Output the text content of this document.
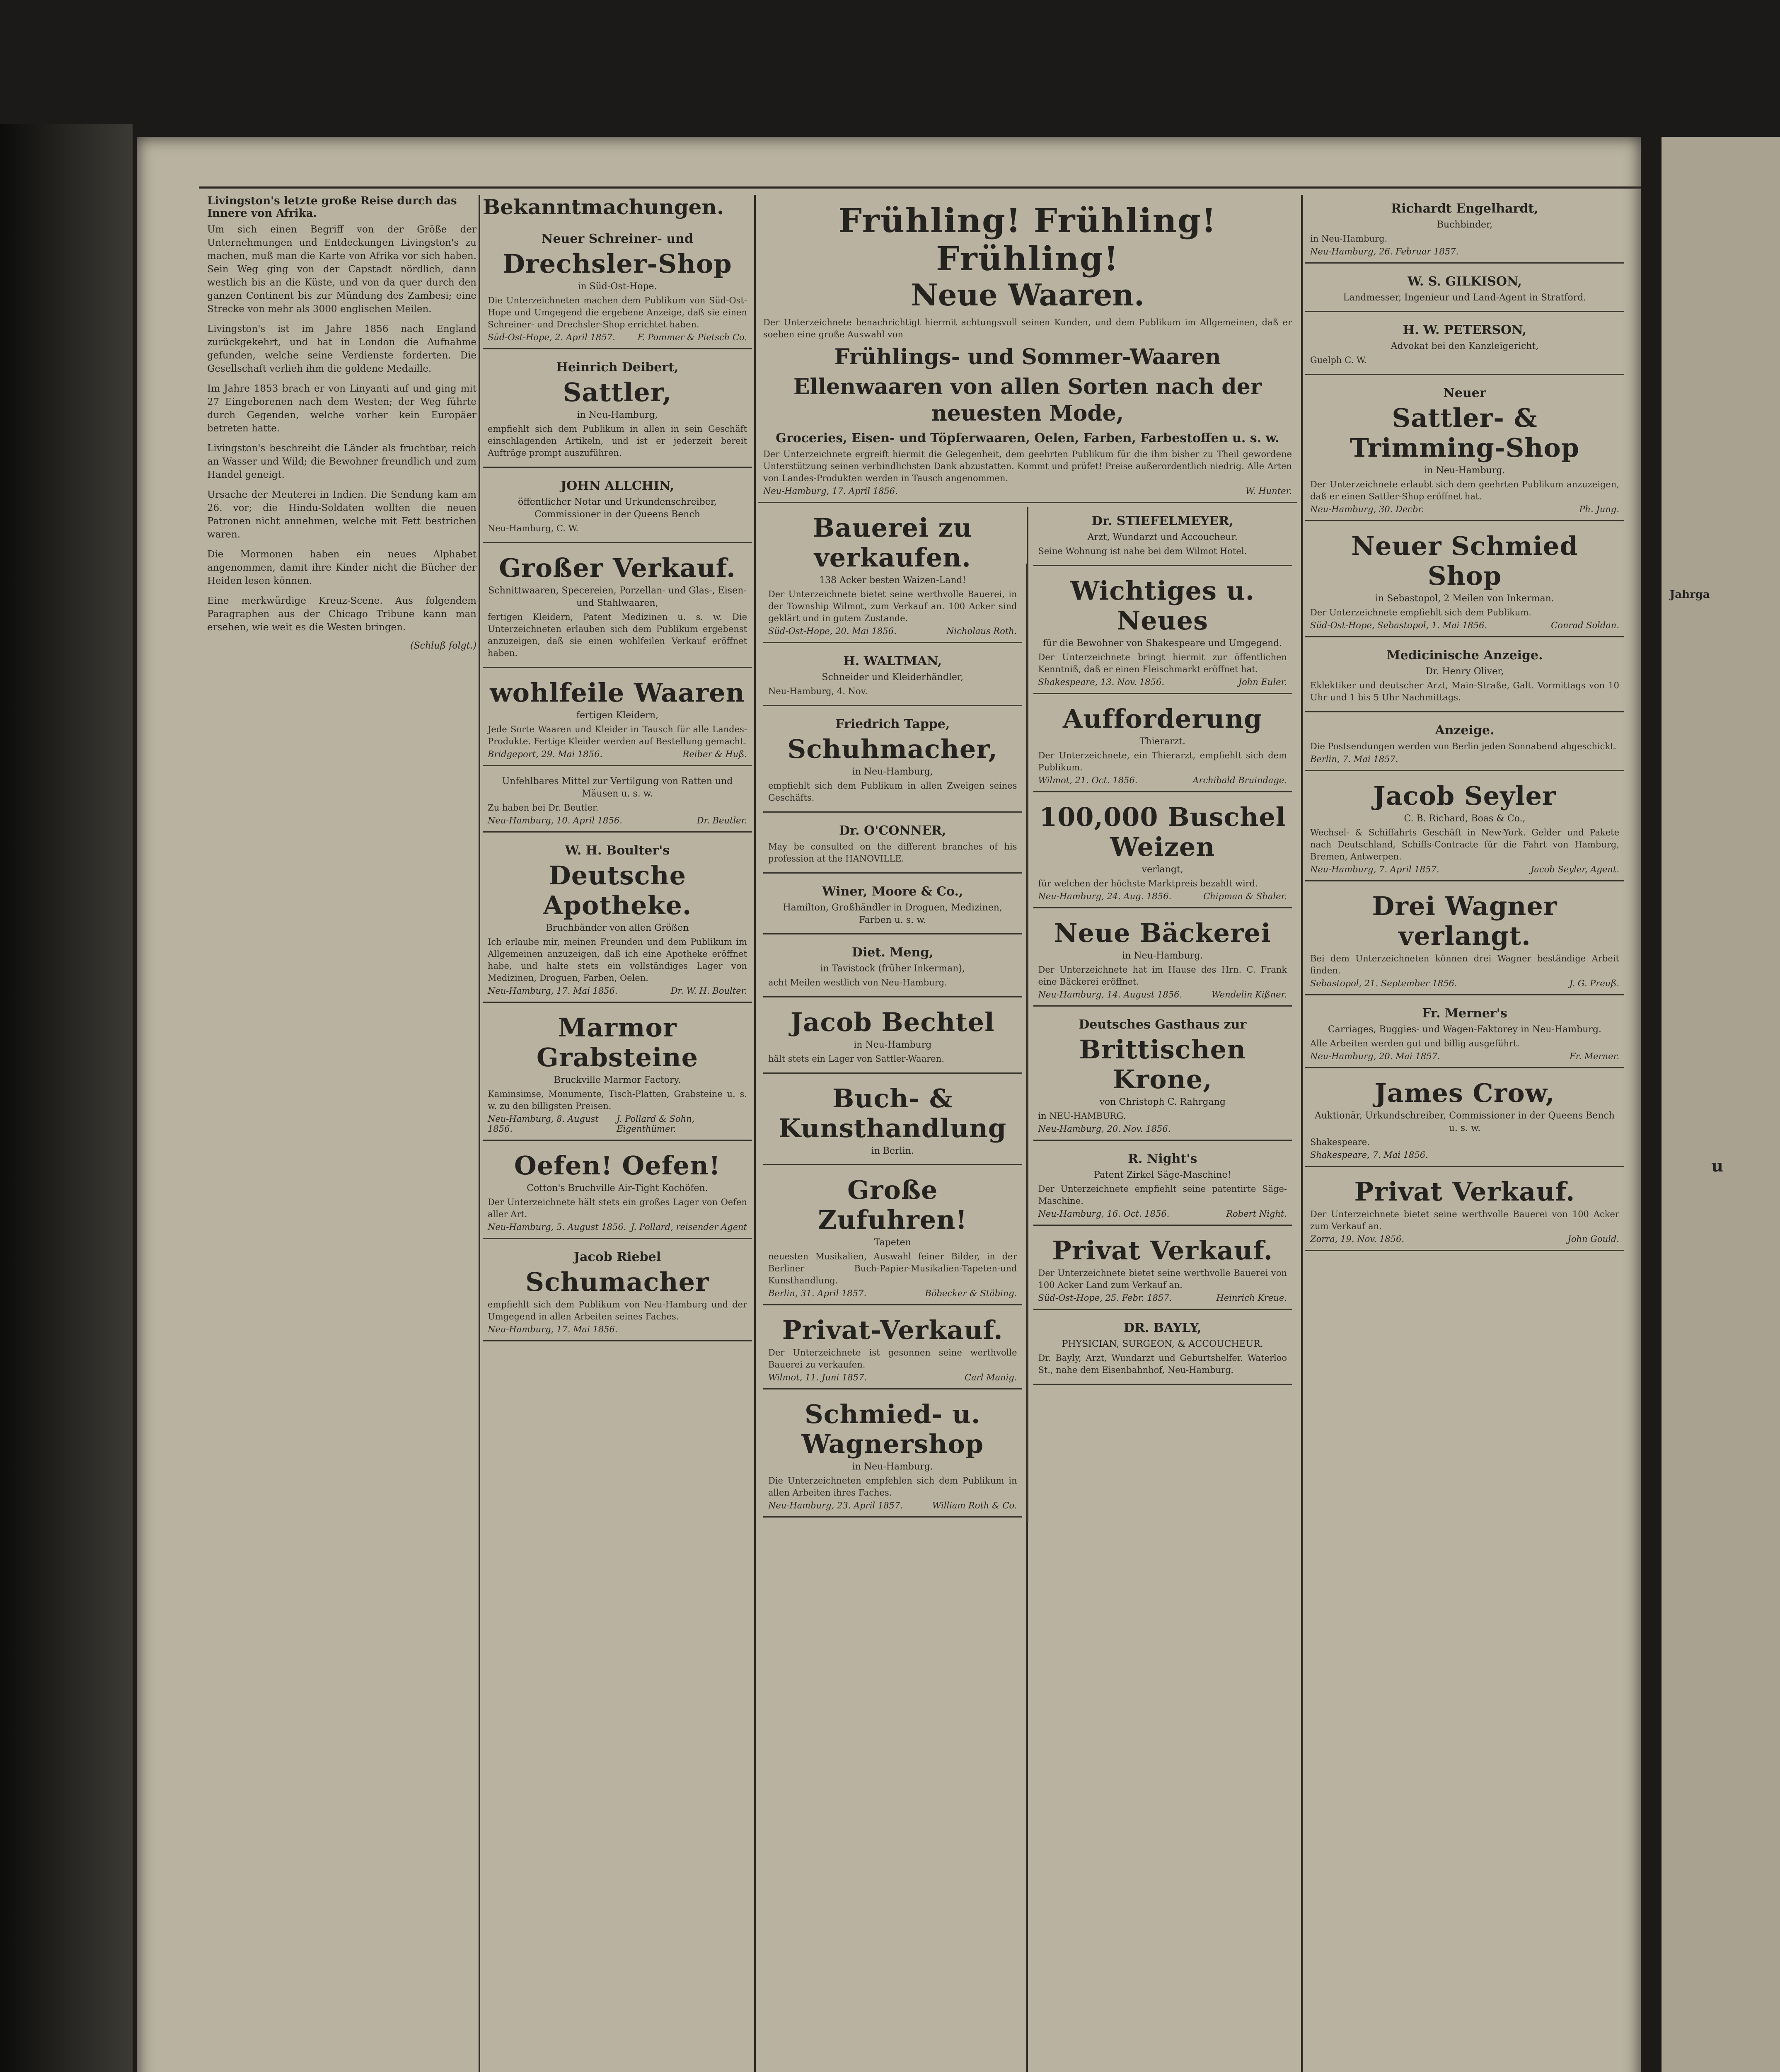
Jahrga
u
Livingston's letzte große Reise durch das Innere von Afrika.
Um sich einen Begriff von der Größe der Unternehmungen und Entdeckungen Livingston's zu machen, muß man die Karte von Afrika vor sich haben. Sein Weg ging von der Capstadt nördlich, dann westlich bis an die Küste, und von da quer durch den ganzen Continent bis zur Mündung des Zambesi; eine Strecke von mehr als 3000 englischen Meilen.
Livingston's ist im Jahre 1856 nach England zurückgekehrt, und hat in London die Aufnahme gefunden, welche seine Verdienste forderten. Die Gesellschaft verlieh ihm die goldene Medaille.
Im Jahre 1853 brach er von Linyanti auf und ging mit 27 Eingeborenen nach dem Westen; der Weg führte durch Gegenden, welche vorher kein Europäer betreten hatte.
Livingston's beschreibt die Länder als fruchtbar, reich an Wasser und Wild; die Bewohner freundlich und zum Handel geneigt.
Ursache der Meuterei in Indien. Die Sendung kam am 26. vor; die Hindu-Soldaten wollten die neuen Patronen nicht annehmen, welche mit Fett bestrichen waren.
Die Mormonen haben ein neues Alphabet angenommen, damit ihre Kinder nicht die Bücher der Heiden lesen können.
Eine merkwürdige Kreuz-Scene. Aus folgendem Paragraphen aus der Chicago Tribune kann man ersehen, wie weit es die Westen bringen.
(Schluß folgt.)
Bekanntmachungen.
Neuer Schreiner- und
Drechsler-Shop
in Süd-Ost-Hope.
Die Unterzeichneten machen dem Publikum von Süd-Ost-Hope und Umgegend die ergebene Anzeige, daß sie einen Schreiner- und Drechsler-Shop errichtet haben.
Süd-Ost-Hope, 2. April 1857.	F. Pommer & Pietsch Co.
Heinrich Deibert,
Sattler,
in Neu-Hamburg,
empfiehlt sich dem Publikum in allen in sein Geschäft einschlagenden Artikeln, und ist er jederzeit bereit Aufträge prompt auszuführen.
JOHN ALLCHIN,
öffentlicher Notar und Urkundenschreiber, Commissioner in der Queens Bench
Neu-Hamburg, C. W.
Großer Verkauf.
Schnittwaaren, Specereien, Porzellan- und Glas-, Eisen- und Stahlwaaren,
fertigen Kleidern, Patent Medizinen u. s. w. Die Unterzeichneten erlauben sich dem Publikum ergebenst anzuzeigen, daß sie einen wohlfeilen Verkauf eröffnet haben.
wohlfeile Waaren
fertigen Kleidern,
Jede Sorte Waaren und Kleider in Tausch für alle Landes-Produkte. Fertige Kleider werden auf Bestellung gemacht.
Bridgeport, 29. Mai 1856.	Reiber & Huß.
Unfehlbares Mittel zur Vertilgung von Ratten und Mäusen u. s. w.
Zu haben bei Dr. Beutler.
Neu-Hamburg, 10. April 1856.	Dr. Beutler.
W. H. Boulter's
Deutsche Apotheke.
Bruchbänder von allen Größen
Ich erlaube mir, meinen Freunden und dem Publikum im Allgemeinen anzuzeigen, daß ich eine Apotheke eröffnet habe, und halte stets ein vollständiges Lager von Medizinen, Droguen, Farben, Oelen.
Neu-Hamburg, 17. Mai 1856.	Dr. W. H. Boulter.
Marmor Grabsteine
Bruckville Marmor Factory.
Kaminsimse, Monumente, Tisch-Platten, Grabsteine u. s. w. zu den billigsten Preisen.
Neu-Hamburg, 8. August 1856.
J. Pollard & Sohn, Eigenthümer.
Oefen! Oefen!
Cotton's Bruchville Air-Tight Kochöfen.
Der Unterzeichnete hält stets ein großes Lager von Oefen aller Art.
Neu-Hamburg, 5. August 1856. J. Pollard, reisender Agent
Jacob Riebel
Schumacher
empfiehlt sich dem Publikum von Neu-Hamburg und der Umgegend in allen Arbeiten seines Faches.
Neu-Hamburg, 17. Mai 1856.
Frühling! Frühling! Frühling!
Neue Waaren.
Der Unterzeichnete benachrichtigt hiermit achtungsvoll seinen Kunden, und dem Publikum im Allgemeinen, daß er soeben eine große Auswahl von
Frühlings- und Sommer-Waaren
Ellenwaaren von allen Sorten nach der neuesten Mode,
Groceries, Eisen- und Töpferwaaren, Oelen, Farben, Farbestoffen u. s. w.
Der Unterzeichnete ergreift hiermit die Gelegenheit, dem geehrten Publikum für die ihm bisher zu Theil gewordene Unterstützung seinen verbindlichsten Dank abzustatten. Kommt und prüfet! Preise außerordentlich niedrig. Alle Arten von Landes-Produkten werden in Tausch angenommen.
Neu-Hamburg, 17. April 1856.	W. Hunter.
Bauerei zu verkaufen.
138 Acker besten Waizen-Land!
Der Unterzeichnete bietet seine werthvolle Bauerei, in der Township Wilmot, zum Verkauf an. 100 Acker sind geklärt und in gutem Zustande.
Süd-Ost-Hope, 20. Mai 1856.	Nicholaus Roth.
H. WALTMAN,
Schneider und Kleiderhändler,
Neu-Hamburg, 4. Nov.
Friedrich Tappe,
Schuhmacher,
in Neu-Hamburg,
empfiehlt sich dem Publikum in allen Zweigen seines Geschäfts.
Dr. O'CONNER,
May be consulted on the different branches of his profession at the HANOVILLE.
Winer, Moore & Co.,
Hamilton, Großhändler in Droguen, Medizinen, Farben u. s. w.
Diet. Meng,
in Tavistock (früher Inkerman),
acht Meilen westlich von Neu-Hamburg.
Jacob Bechtel
in Neu-Hamburg
hält stets ein Lager von Sattler-Waaren.
Buch- & Kunsthandlung
in Berlin.
Große Zufuhren!
Tapeten
neuesten Musikalien, Auswahl feiner Bilder, in der Berliner Buch-Papier-Musikalien-Tapeten-und Kunsthandlung.
Berlin, 31. April 1857.	Böbecker & Stäbing.
Privat-Verkauf.
Der Unterzeichnete ist gesonnen seine werthvolle Bauerei zu verkaufen.
Wilmot, 11. Juni 1857.	Carl Manig.
Schmied- u. Wagnershop
in Neu-Hamburg.
Die Unterzeichneten empfehlen sich dem Publikum in allen Arbeiten ihres Faches.
Neu-Hamburg, 23. April 1857.	William Roth & Co.
Dr. STIEFELMEYER,
Arzt, Wundarzt und Accoucheur.
Seine Wohnung ist nahe bei dem Wilmot Hotel.
Wichtiges u. Neues
für die Bewohner von Shakespeare und Umgegend.
Der Unterzeichnete bringt hiermit zur öffentlichen Kenntniß, daß er einen Fleischmarkt eröffnet hat.
Shakespeare, 13. Nov. 1856.	John Euler.
Aufforderung
Thierarzt.
Der Unterzeichnete, ein Thierarzt, empfiehlt sich dem Publikum.
Wilmot, 21. Oct. 1856.	Archibald Bruindage.
100,000 Buschel Weizen
verlangt,
für welchen der höchste Marktpreis bezahlt wird.
Neu-Hamburg, 24. Aug. 1856.	Chipman & Shaler.
Neue Bäckerei
in Neu-Hamburg.
Der Unterzeichnete hat im Hause des Hrn. C. Frank eine Bäckerei eröffnet.
Neu-Hamburg, 14. August 1856.	Wendelin Kißner.
Deutsches Gasthaus zur
Brittischen Krone,
von Christoph C. Rahrgang
in NEU-HAMBURG.
Neu-Hamburg, 20. Nov. 1856.
R. Night's
Patent Zirkel Säge-Maschine!
Der Unterzeichnete empfiehlt seine patentirte Säge-Maschine.
Neu-Hamburg, 16. Oct. 1856.	Robert Night.
Privat Verkauf.
Der Unterzeichnete bietet seine werthvolle Bauerei von 100 Acker Land zum Verkauf an.
Süd-Ost-Hope, 25. Febr. 1857.	Heinrich Kreue.
DR. BAYLY,
PHYSICIAN, SURGEON, & ACCOUCHEUR.
Dr. Bayly, Arzt, Wundarzt und Geburtshelfer. Waterloo St., nahe dem Eisenbahnhof, Neu-Hamburg.
Richardt Engelhardt,
Buchbinder,
in Neu-Hamburg.
Neu-Hamburg, 26. Februar 1857.
W. S. GILKISON,
Landmesser, Ingenieur und Land-Agent in Stratford.
H. W. PETERSON,
Advokat bei den Kanzleigericht,
Guelph C. W.
Neuer
Sattler- & Trimming-Shop
in Neu-Hamburg.
Der Unterzeichnete erlaubt sich dem geehrten Publikum anzuzeigen, daß er einen Sattler-Shop eröffnet hat.
Neu-Hamburg, 30. Decbr.	Ph. Jung.
Neuer Schmied Shop
in Sebastopol, 2 Meilen von Inkerman.
Der Unterzeichnete empfiehlt sich dem Publikum.
Süd-Ost-Hope, Sebastopol, 1. Mai 1856.	Conrad Soldan.
Medicinische Anzeige.
Dr. Henry Oliver,
Eklektiker und deutscher Arzt, Main-Straße, Galt. Vormittags von 10 Uhr und 1 bis 5 Uhr Nachmittags.
Anzeige.
Die Postsendungen werden von Berlin jeden Sonnabend abgeschickt.
Berlin, 7. Mai 1857.
Jacob Seyler
C. B. Richard, Boas & Co.,
Wechsel- & Schiffahrts Geschäft in New-York. Gelder und Pakete nach Deutschland, Schiffs-Contracte für die Fahrt von Hamburg, Bremen, Antwerpen.
Neu-Hamburg, 7. April 1857.	Jacob Seyler, Agent.
Drei Wagner verlangt.
Bei dem Unterzeichneten können drei Wagner beständige Arbeit finden.
Sebastopol, 21. September 1856.	J. G. Preuß.
Fr. Merner's
Carriages, Buggies- und Wagen-Faktorey in Neu-Hamburg.
Alle Arbeiten werden gut und billig ausgeführt.
Neu-Hamburg, 20. Mai 1857.	Fr. Merner.
James Crow,
Auktionär, Urkundschreiber, Commissioner in der Queens Bench u. s. w.
Shakespeare.
Shakespeare, 7. Mai 1856.
Privat Verkauf.
Der Unterzeichnete bietet seine werthvolle Bauerei von 100 Acker zum Verkauf an.
Zorra, 19. Nov. 1856.	John Gould.
